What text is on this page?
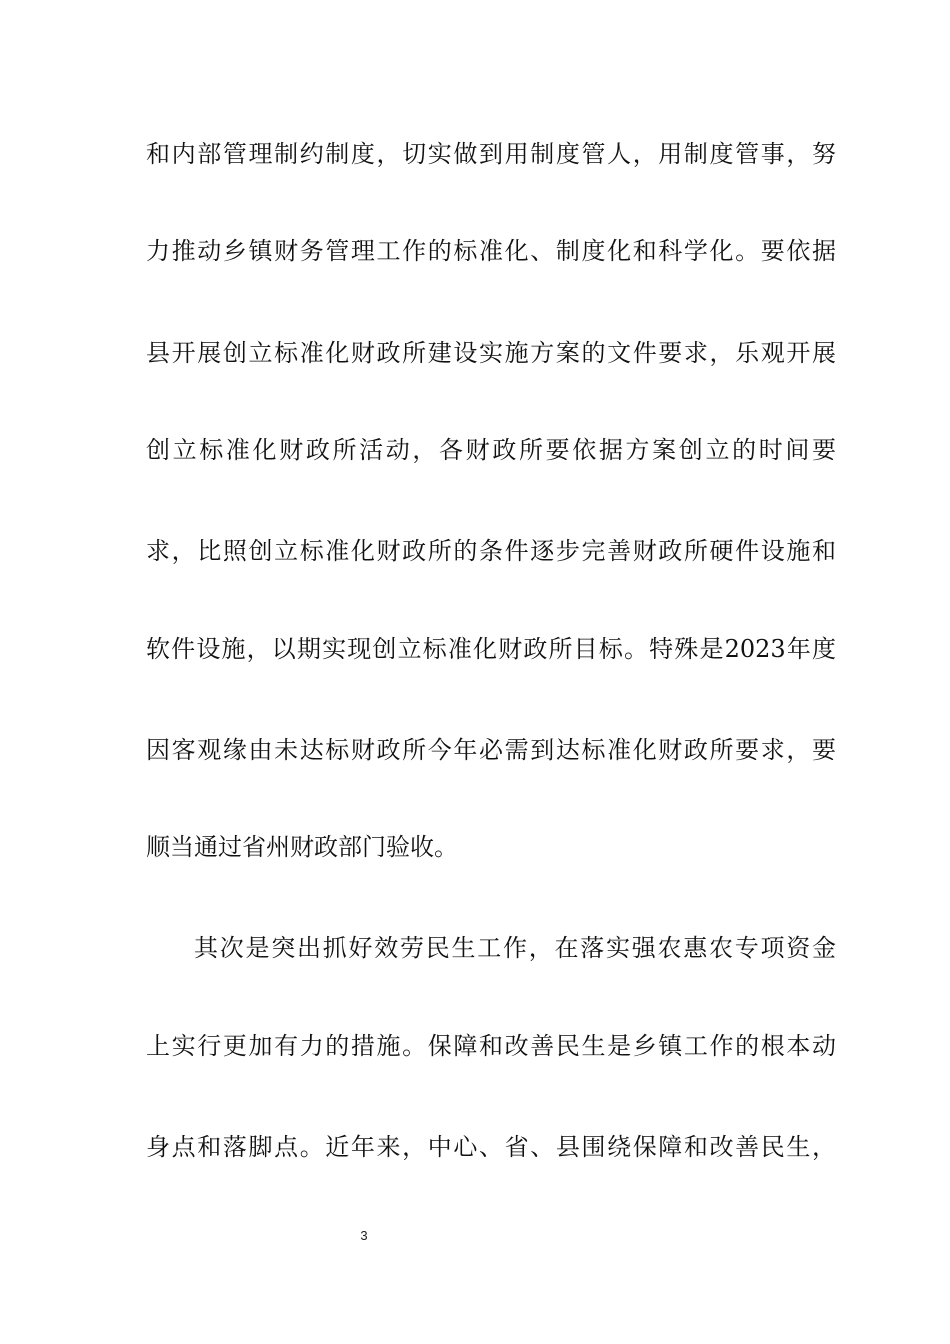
和内部管理制约制度，切实做到用制度管人，用制度管事，努
力推动乡镇财务管理工作的标准化、制度化和科学化。要依据
县开展创立标准化财政所建设实施方案的文件要求，乐观开展
创立标准化财政所活动，各财政所要依据方案创立的时间要
求，比照创立标准化财政所的条件逐步完善财政所硬件设施和
软件设施，以期实现创立标准化财政所目标。特殊是2023年度
因客观缘由未达标财政所今年必需到达标准化财政所要求，要
顺当通过省州财政部门验收。
其次是突出抓好效劳民生工作，在落实强农惠农专项资金
上实行更加有力的措施。保障和改善民生是乡镇工作的根本动
身点和落脚点。近年来，中心、省、县围绕保障和改善民生，
3
